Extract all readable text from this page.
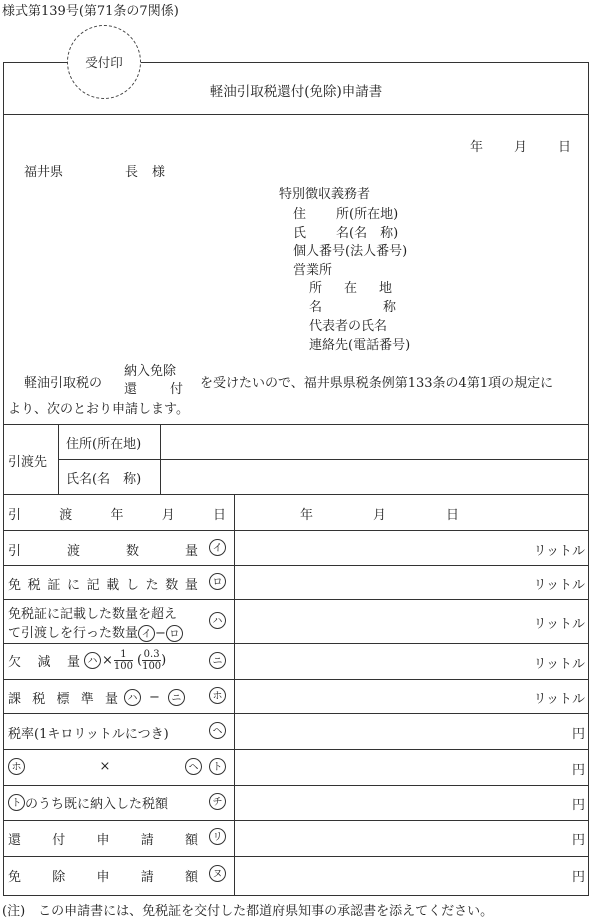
様式第139号(第71条の7関係)
受付印
軽油引取税還付(免除)申請書
年 月 日
福井県	長 様
特別徴収義務者
住 所(所在地)
氏 名(名　称)
個人番号(法人番号)
営業所
所 在 地
名	称
代表者の氏名
連絡先(電話番号)
軽油引取税の
納入免除
還	付 を受けたいので、福井県県税条例第133条の4第1項の規定に
より、次のとおり申請します。
引渡先
住所(所在地)
氏名(名　称)
引	渡	年	月	日	年	月	日
引	渡	数	量	イ	リットル
免 税 証 に 記 載 し た 数 量	ロ	リットル
免税証に記載した数量を超え
て引渡しを行った数量 イ − ロ
ハ	リットル
欠 減 量 ハ × $\frac{1}{100}$ ( $\frac{0.3}{100}$ )	ニ	リットル
課 税 標 準 量 ハ −	ニ	ホ	リットル
税率(1キロリットルにつき)	ヘ	円
ホ	×	ヘ	ト	円
ト のうち既に納入した税額	チ	円
還 付 申 請 額	リ	円
免 除 申 請 額	ヌ	円
(注)　この申請書には、免税証を交付した都道府県知事の承認書を添えてください。
